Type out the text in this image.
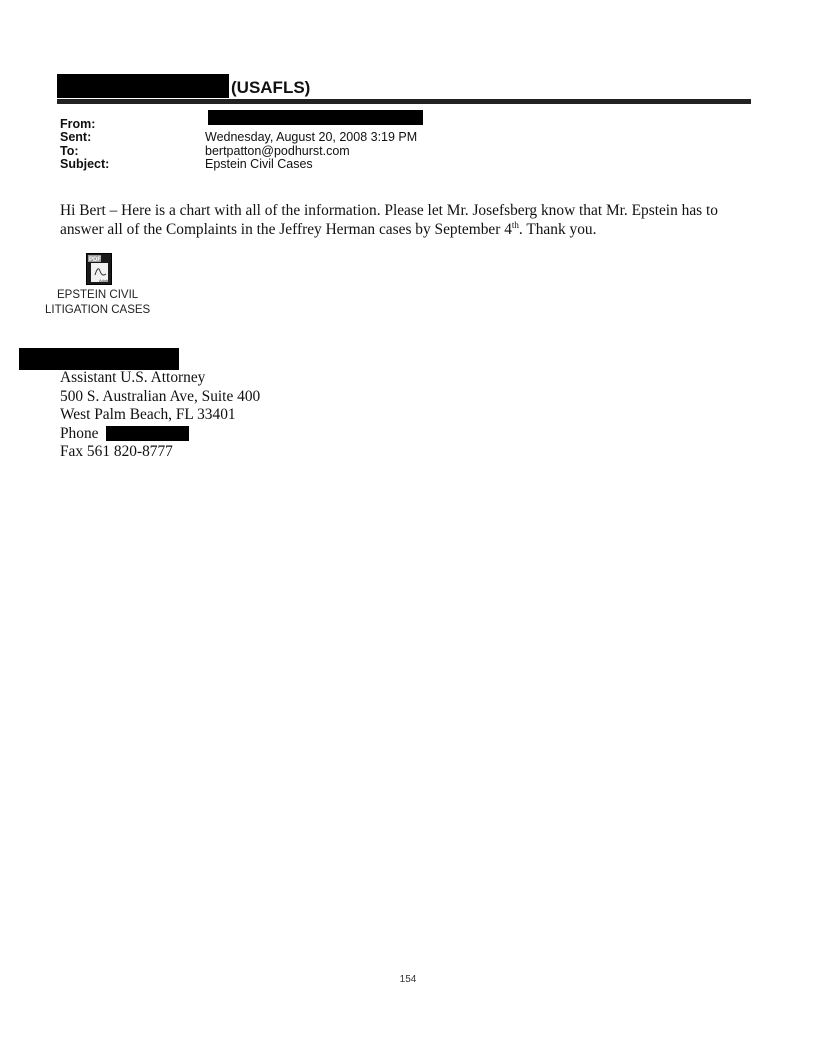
(USAFLS)
From:
Sent:	Wednesday, August 20, 2008 3:19 PM
To:	bertpatton@podhurst.com
Subject:	Epstein Civil Cases
Hi Bert – Here is a chart with all of the information. Please let Mr. Josefsberg know that Mr. Epstein has to
answer all of the Complaints in the Jeffrey Herman cases by September 4th. Thank you.
PDF
Adobe
EPSTEIN CIVIL
LITIGATION CASES
Assistant U.S. Attorney
500 S. Australian Ave, Suite 400
West Palm Beach, FL 33401
Phone
Fax 561 820-8777
154
